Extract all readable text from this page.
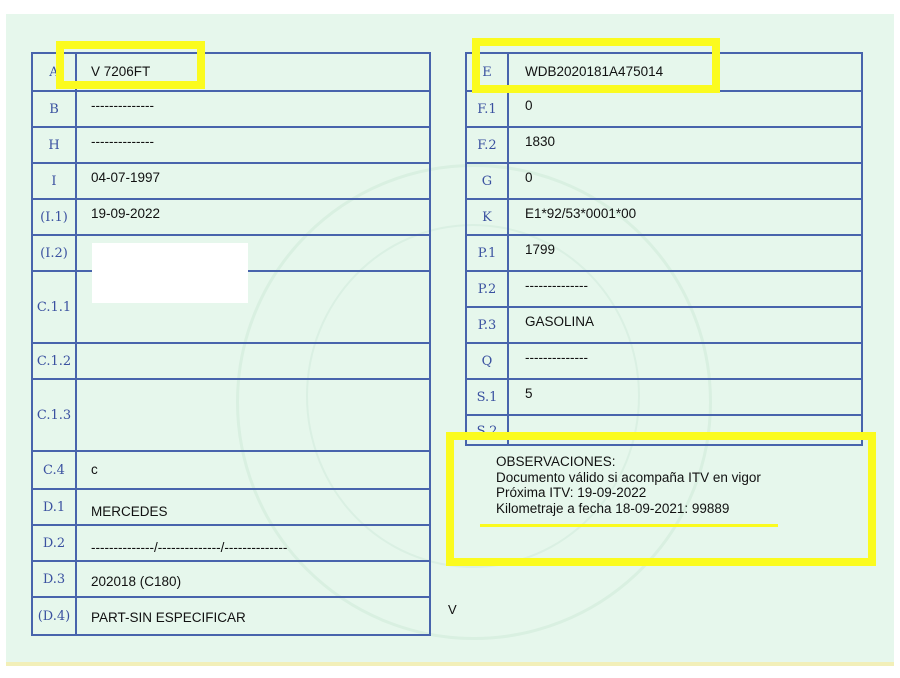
A	V 7206FT
B	--------------
H	--------------
I	04-07-1997
(I.1)	19-09-2022
(I.2)
C.1.1
C.1.2
C.1.3
C.4	c
D.1	MERCEDES
D.2	--------------/--------------/--------------
D.3	202018 (C180)
(D.4)	PART-SIN ESPECIFICAR
E	WDB2020181A475014
F.1	0
F.2	1830
G	0
K	E1*92/53*0001*00
P.1	1799
P.2	--------------
P.3	GASOLINA
Q	--------------
S.1	5
S.2
OBSERVACIONES:
Documento válido si acompaña ITV en vigor
Próxima ITV: 19-09-2022
Kilometraje a fecha 18-09-2021: 99889
V
